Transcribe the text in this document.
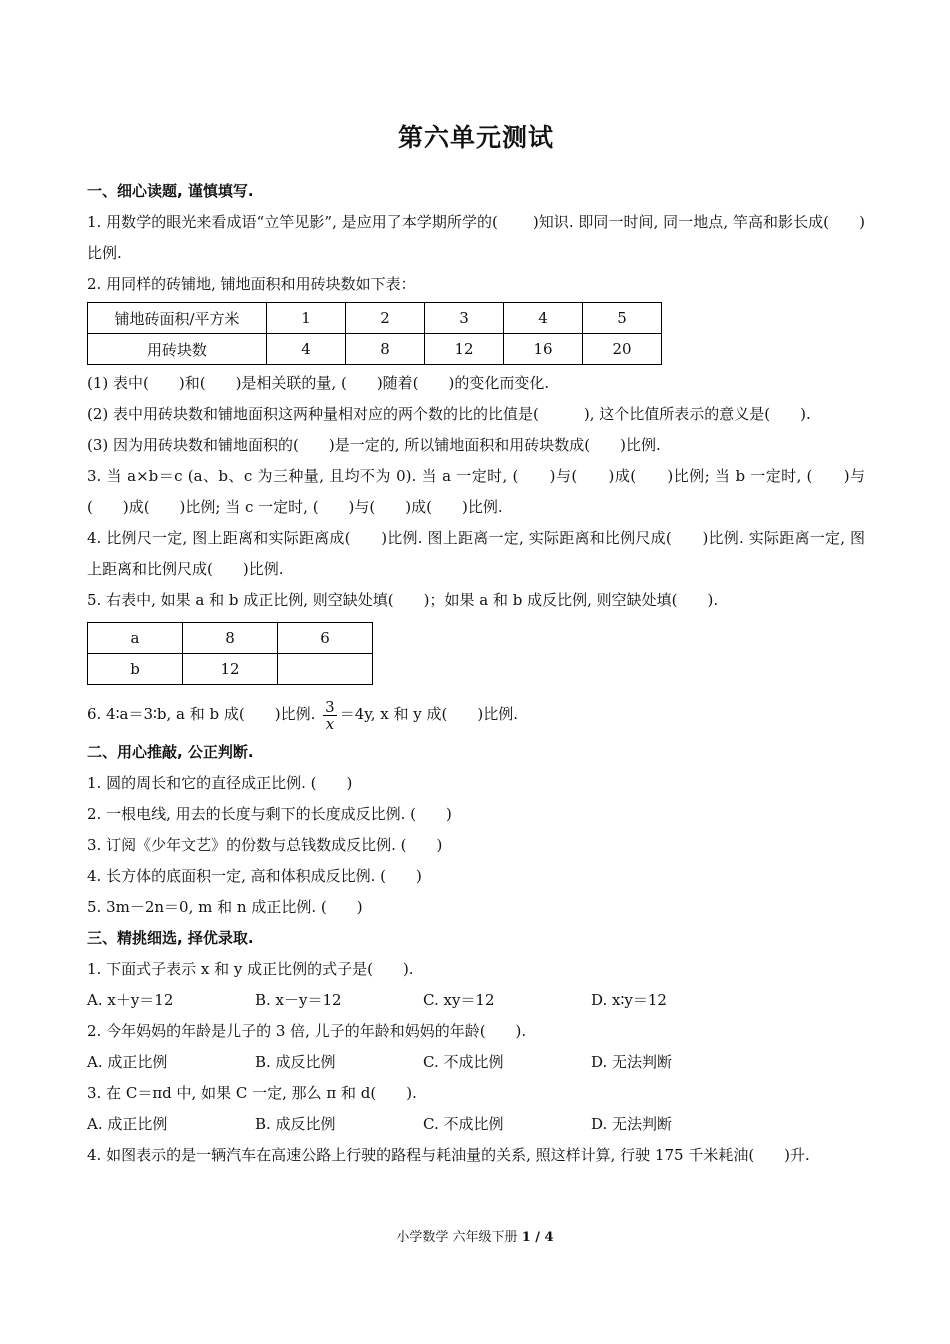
第六单元测试
一、细心读题, 谨慎填写.

1. 用数学的眼光来看成语“立竿见影”, 是应用了本学期所学的(　　 )知识. 即同一时间, 同一地点, 竿高和影长成(　　)比例.

2. 用同样的砖铺地, 铺地面积和用砖块数如下表：

铺地砖面积/平方米	1	2	3	4	5
用砖块数	4	8	12	16	20

(1) 表中(　　)和(　　)是相关联的量, (　　)随着(　　)的变化而变化.

(2) 表中用砖块数和铺地面积这两种量相对应的两个数的比的比值是(　　　), 这个比值所表示的意义是(　　).

(3) 因为用砖块数和铺地面积的(　　)是一定的, 所以铺地面积和用砖块数成(　　)比例.

3. 当 a×b＝c (a、b、c 为三种量, 且均不为 0). 当 a 一定时, (　　)与(　　)成(　　)比例; 当 b 一定时, (　　)与(　　)成(　　)比例; 当 c 一定时, (　　)与(　　)成(　　)比例.

4. 比例尺一定, 图上距离和实际距离成(　　)比例. 图上距离一定, 实际距离和比例尺成(　　)比例. 实际距离一定, 图上距离和比例尺成(　　)比例.

5. 右表中, 如果 a 和 b 成正比例, 则空缺处填(　　)；如果 a 和 b 成反比例, 则空缺处填(　　).

a	8	6
b	12	

6. 4∶a＝3∶b, a 和 b 成(　　)比例. $\frac{3}{x} =4y$, x 和 y 成(　　)比例.

二、用心推敲, 公正判断.

1. 圆的周长和它的直径成正比例. (　　)

2. 一根电线, 用去的长度与剩下的长度成反比例. (　　)

3. 订阅《少年文艺》的份数与总钱数成反比例. (　　)

4. 长方体的底面积一定, 高和体积成反比例. (　　)

5. 3m－2n＝0, m 和 n 成正比例. (　　)

三、精挑细选, 择优录取.

1. 下面式子表示 x 和 y 成正比例的式子是(　　).

A. x＋y＝12	B. x－y＝12	C. xy＝12	D. x∶y＝12

2. 今年妈妈的年龄是儿子的 3 倍, 儿子的年龄和妈妈的年龄(　　).

A. 成正比例	B. 成反比例	C. 不成比例	D. 无法判断

3. 在 C＝πd 中, 如果 C 一定, 那么 π 和 d(　　).

A. 成正比例	B. 成反比例	C. 不成比例	D. 无法判断

4. 如图表示的是一辆汽车在高速公路上行驶的路程与耗油量的关系, 照这样计算, 行驶 175 千米耗油(　　)升.

小学数学 六年级下册 1 / 4
